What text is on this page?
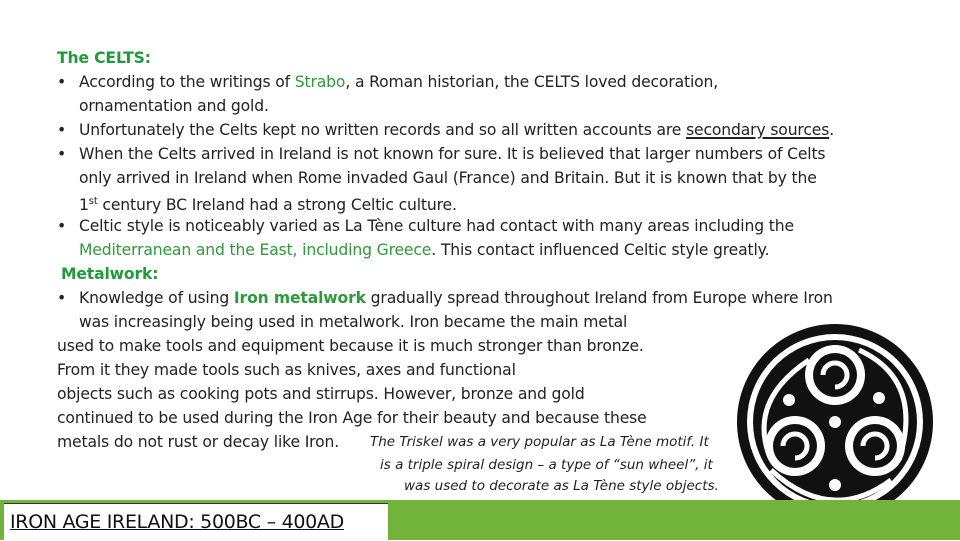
The CELTS:
• According to the writings of Strabo, a Roman historian, the CELTS loved decoration,
ornamentation and gold.
• Unfortunately the Celts kept no written records and so all written accounts are secondary sources.
• When the Celts arrived in Ireland is not known for sure. It is believed that larger numbers of Celts
only arrived in Ireland when Rome invaded Gaul (France) and Britain. But it is known that by the
1st century BC Ireland had a strong Celtic culture.
• Celtic style is noticeably varied as La Tène culture had contact with many areas including the
Mediterranean and the East, including Greece. This contact influenced Celtic style greatly.
Metalwork:
• Knowledge of using Iron metalwork gradually spread throughout Ireland from Europe where Iron
was increasingly being used in metalwork. Iron became the main metal
used to make tools and equipment because it is much stronger than bronze.
From it they made tools such as knives, axes and functional
objects such as cooking pots and stirrups. However, bronze and gold
continued to be used during the Iron Age for their beauty and because these
metals do not rust or decay like Iron.	The Triskel was a very popular as La Tène motif. It
is a triple spiral design – a type of “sun wheel”, it
was used to decorate as La Tène style objects.
IRON AGE IRELAND: 500BC – 400AD
